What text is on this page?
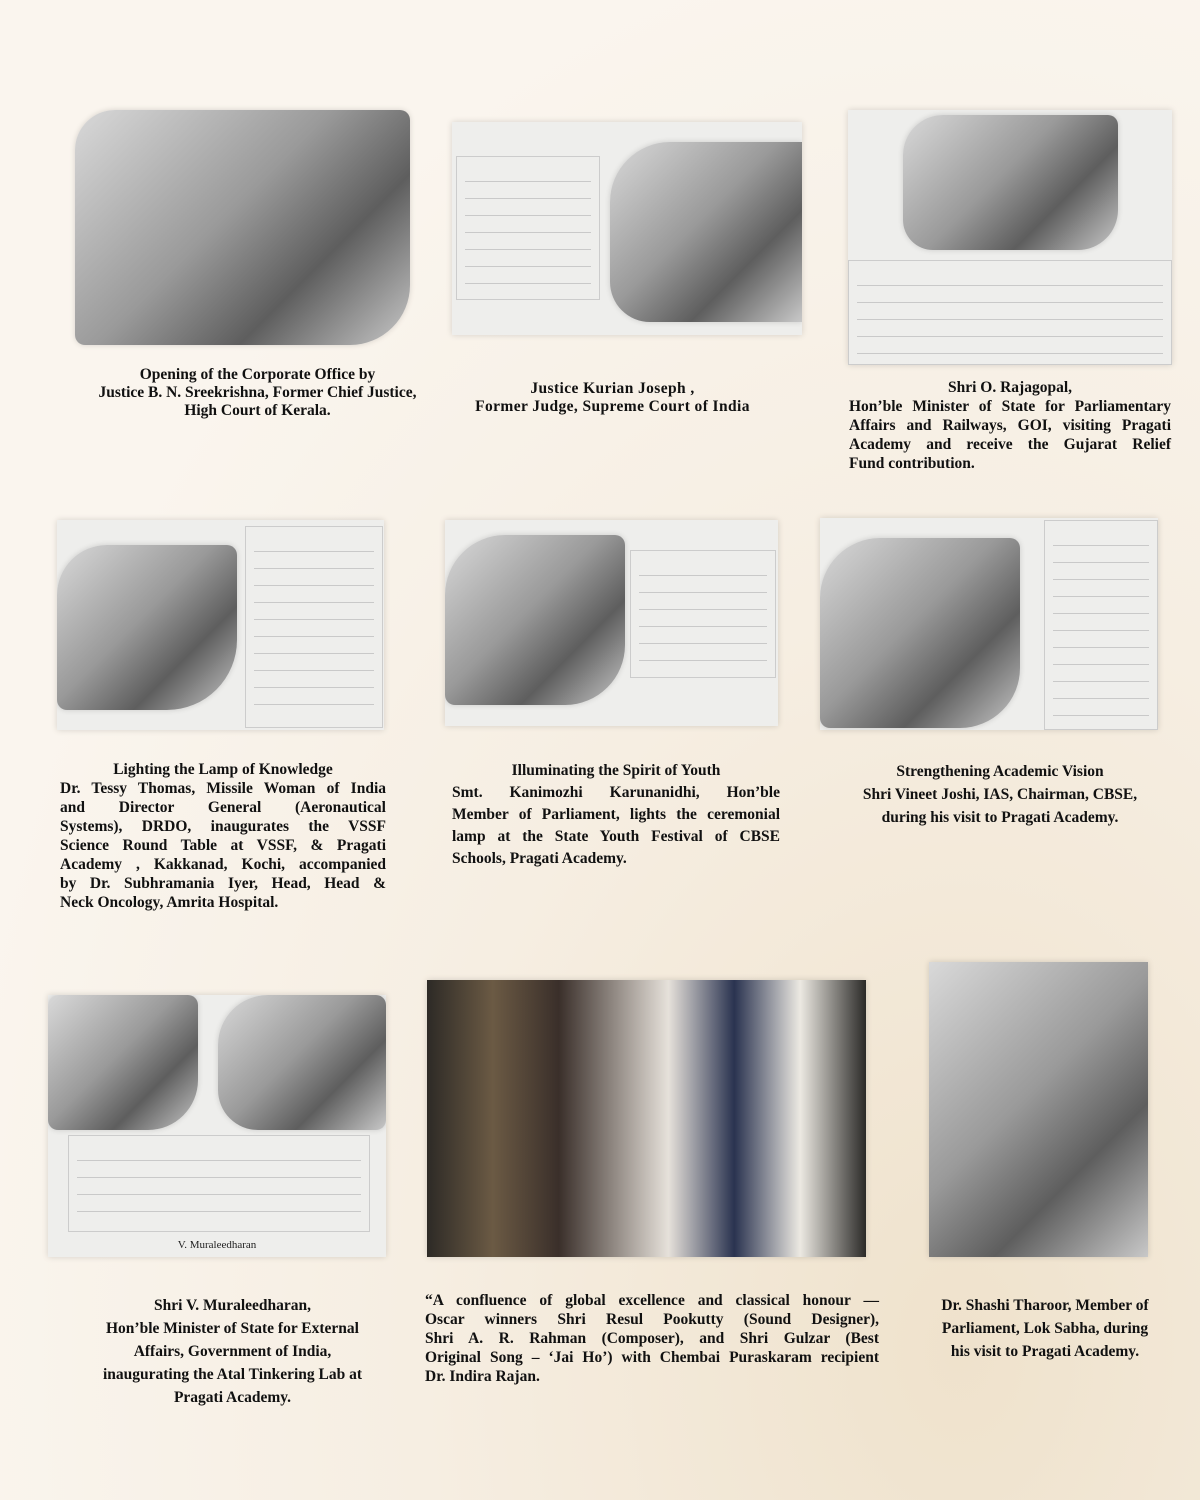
Opening of the Corporate Office by
Justice B. N. Sreekrishna, Former Chief Justice,
High Court of Kerala.
Justice Kurian Joseph ,
Former Judge, Supreme Court of India
Shri O. Rajagopal,
Hon’ble Minister of State for Parliamentary
Affairs and Railways, GOI, visiting Pragati
Academy and receive the Gujarat Relief
Fund contribution.
Lighting the Lamp of Knowledge
Dr. Tessy Thomas, Missile Woman of India
and Director General (Aeronautical
Systems), DRDO, inaugurates the VSSF
Science Round Table at VSSF, & Pragati
Academy , Kakkanad, Kochi, accompanied
by Dr. Subhramania Iyer, Head, Head &
Neck Oncology, Amrita Hospital.
Illuminating the Spirit of Youth
Smt. Kanimozhi Karunanidhi, Hon’ble
Member of Parliament, lights the ceremonial
lamp at the State Youth Festival of CBSE
Schools, Pragati Academy.
Strengthening Academic Vision
Shri Vineet Joshi, IAS, Chairman, CBSE,
during his visit to Pragati Academy.
V. Muraleedharan
Shri V. Muraleedharan,
Hon’ble Minister of State for External
Affairs, Government of India,
inaugurating the Atal Tinkering Lab at
Pragati Academy.
“A confluence of global excellence and classical honour —
Oscar winners Shri Resul Pookutty (Sound Designer),
Shri A. R. Rahman (Composer), and Shri Gulzar (Best
Original Song – ‘Jai Ho’) with Chembai Puraskaram recipient
Dr. Indira Rajan.
Dr. Shashi Tharoor, Member of
Parliament, Lok Sabha, during
his visit to Pragati Academy.
